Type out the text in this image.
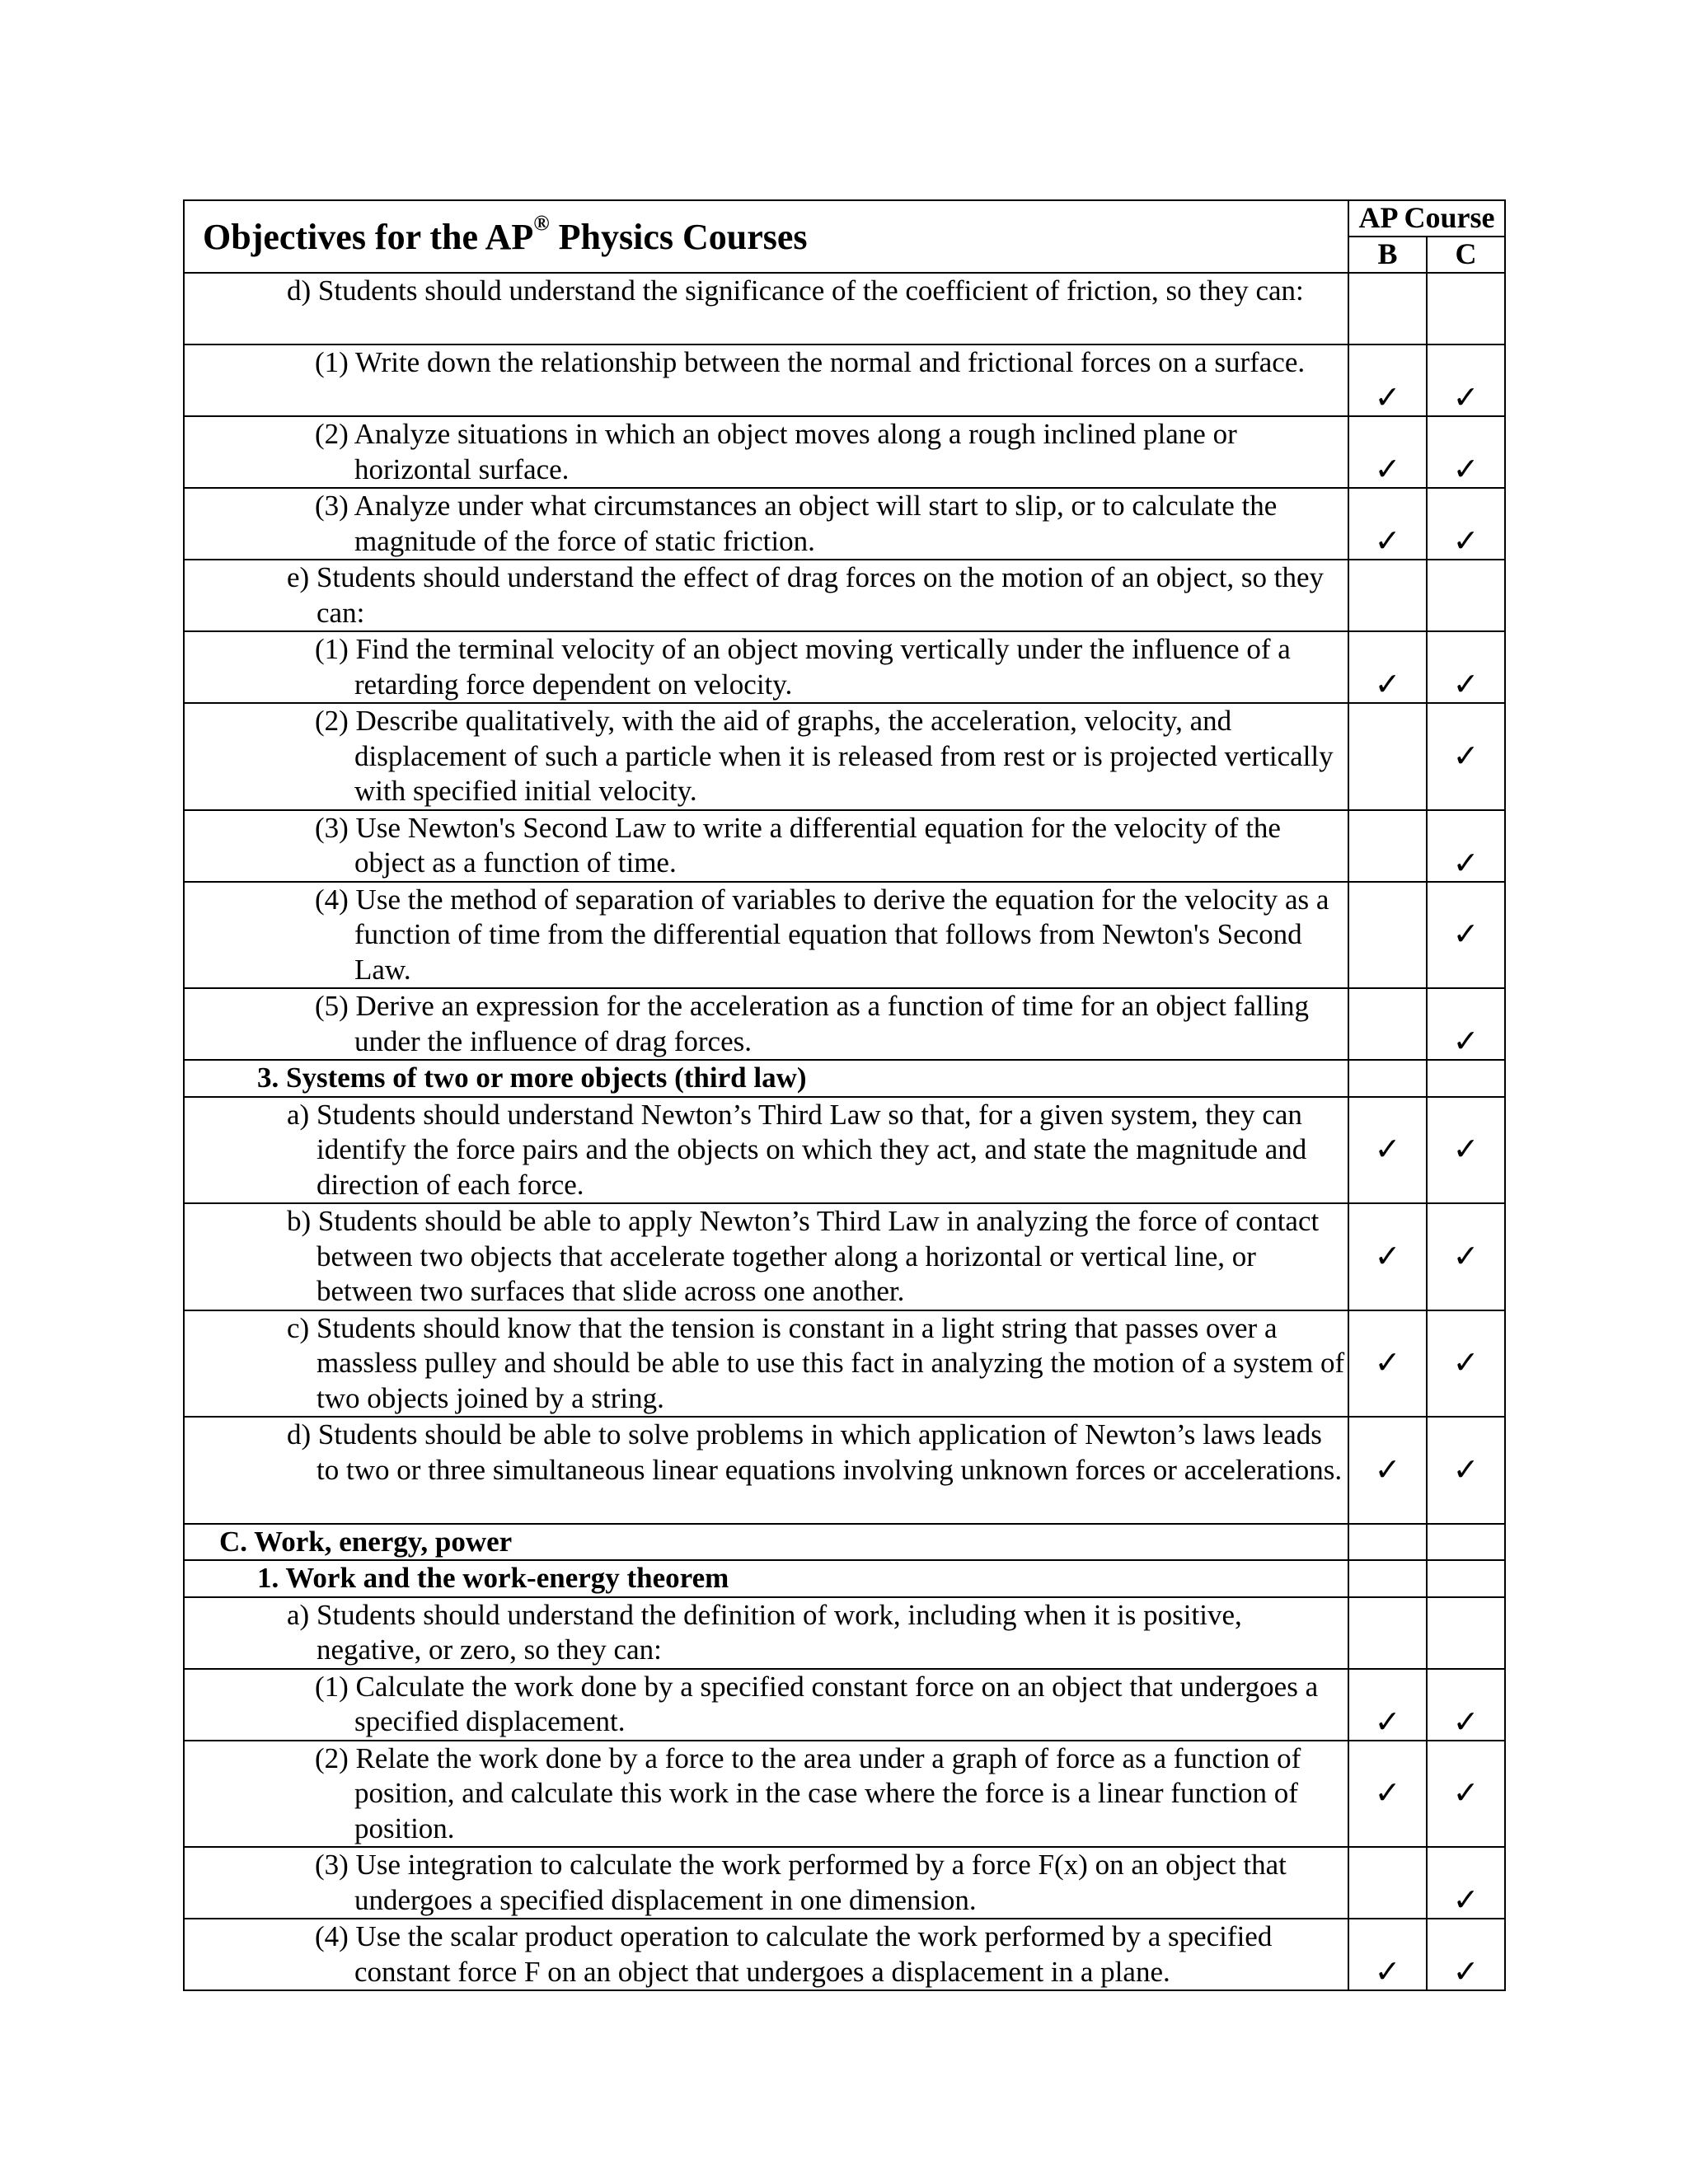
Objectives for the AP® Physics Courses	AP Course	
	B	C

d) Students should understand the significance of the coefficient of friction, so they can:		

(1) Write down the relationship between the normal and frictional forces on a surface.	✓	✓

(2) Analyze situations in which an object moves along a rough inclined plane or horizontal surface.	✓	✓

(3) Analyze under what circumstances an object will start to slip, or to calculate the magnitude of the force of static friction.	✓	✓

e) Students should understand the effect of drag forces on the motion of an object, so they can:		

(1) Find the terminal velocity of an object moving vertically under the influence of a retarding force dependent on velocity.	✓	✓

(2) Describe qualitatively, with the aid of graphs, the acceleration, velocity, and displacement of such a particle when it is released from rest or is projected vertically with specified initial velocity.		✓

(3) Use Newton's Second Law to write a differential equation for the velocity of the object as a function of time.		✓

(4) Use the method of separation of variables to derive the equation for the velocity as a function of time from the differential equation that follows from Newton's Second Law.		✓

(5) Derive an expression for the acceleration as a function of time for an object falling under the influence of drag forces.		✓

3. Systems of two or more objects (third law)		

a) Students should understand Newton’s Third Law so that, for a given system, they can identify the force pairs and the objects on which they act, and state the magnitude and direction of each force.	✓	✓

b) Students should be able to apply Newton’s Third Law in analyzing the force of contact between two objects that accelerate together along a horizontal or vertical line, or between two surfaces that slide across one another.	✓	✓

c) Students should know that the tension is constant in a light string that passes over a massless pulley and should be able to use this fact in analyzing the motion of a system of two objects joined by a string.	✓	✓

d) Students should be able to solve problems in which application of Newton’s laws leads to two or three simultaneous linear equations involving unknown forces or accelerations.	✓	✓

C. Work, energy, power		

1. Work and the work-energy theorem		

a) Students should understand the definition of work, including when it is positive, negative, or zero, so they can:		

(1) Calculate the work done by a specified constant force on an object that undergoes a specified displacement.	✓	✓

(2) Relate the work done by a force to the area under a graph of force as a function of position, and calculate this work in the case where the force is a linear function of position.	✓	✓

(3) Use integration to calculate the work performed by a force F(x) on an object that undergoes a specified displacement in one dimension.		✓

(4) Use the scalar product operation to calculate the work performed by a specified constant force F on an object that undergoes a displacement in a plane.	✓	✓
